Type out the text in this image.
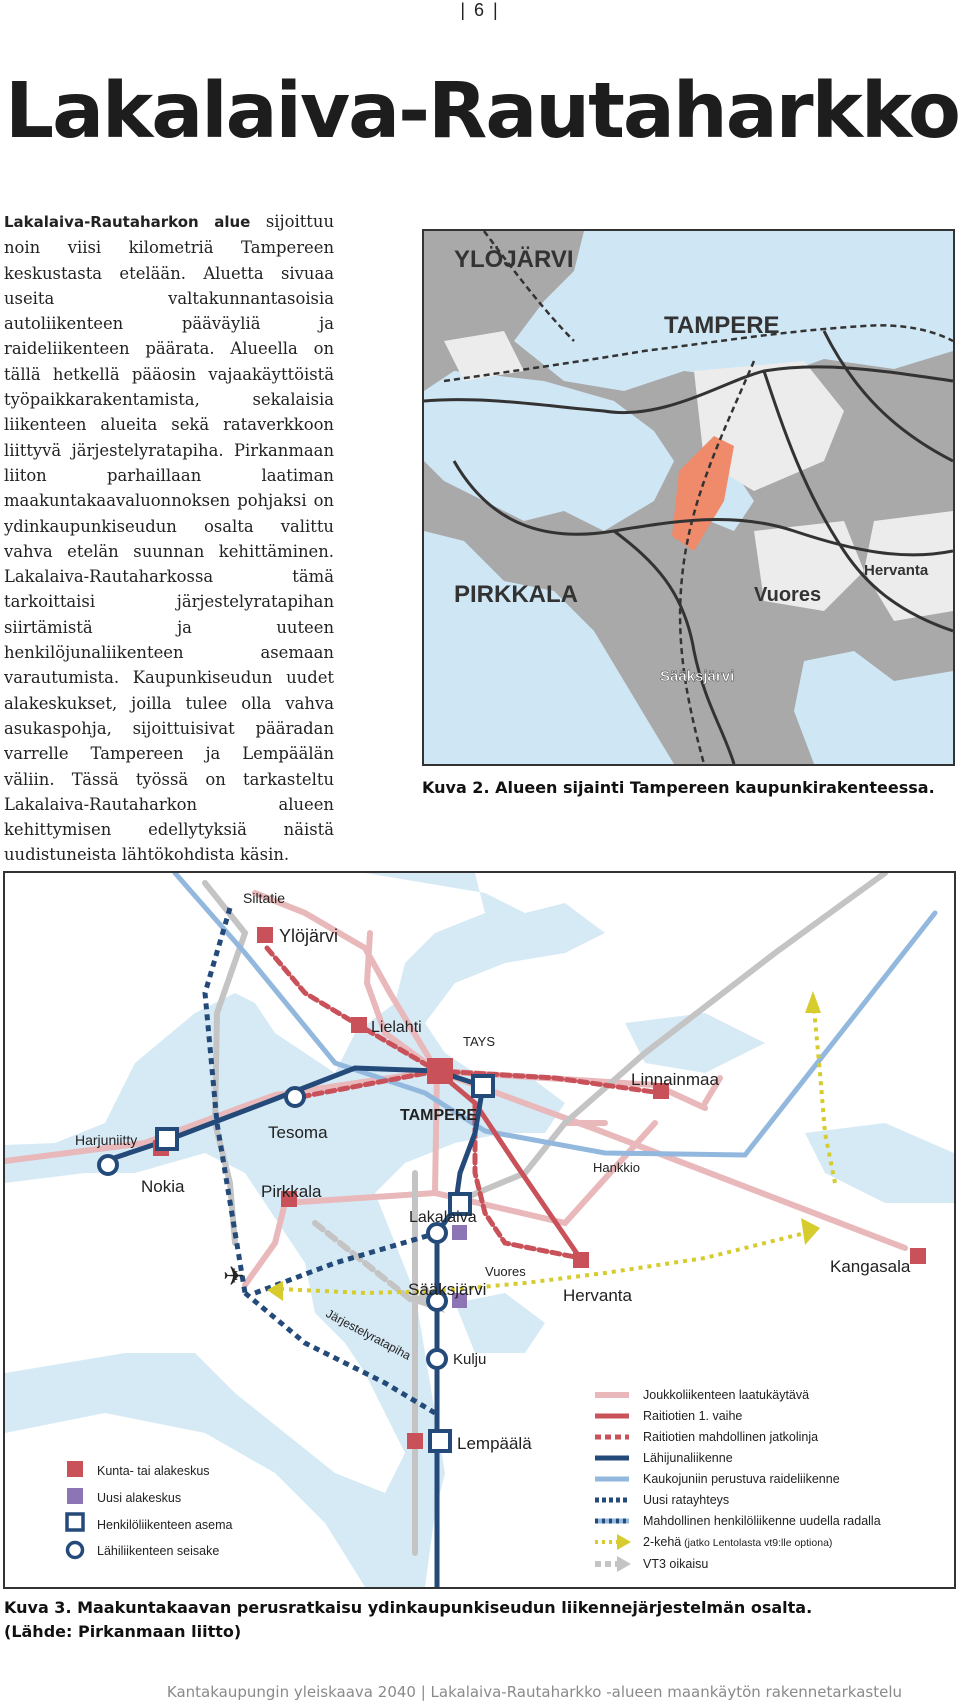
| 6 |
Lakalaiva-Rautaharkko
Lakalaiva-Rautaharkon alue sijoittuu noin viisi kilometriä Tampereen keskustasta etelään. Aluetta sivuaa useita valtakunnantasoisia autoliikenteen pääväyliä ja raideliikenteen päärata. Alueella on tällä hetkellä pääosin vajaakäyttöistä työpaikkarakentamista, sekalaisia liikenteen alueita sekä rataverkkoon liittyvä järjestelyratapiha. Pirkanmaan liiton parhaillaan laatiman maakuntakaavaluonnoksen pohjaksi on ydinkaupunkiseudun osalta valittu vahva etelän suunnan kehittäminen. Lakalaiva-Rautaharkossa tämä tarkoittaisi järjestelyratapihan siirtämistä ja uuteen henkilöjunaliikenteen asemaan varautumista. Kaupunkiseudun uudet alakeskukset, joilla tulee olla vahva asukaspohja, sijoittuisivat pääradan varrelle Tampereen ja Lempäälän väliin. Tässä työssä on tarkasteltu Lakalaiva-Rautaharkon alueen kehittymisen edellytyksiä näistä uudistuneista lähtökohdista käsin.
YLÖJÄRVI
TAMPERE
PIRKKALA	Vuores
Hervanta
Sääksjärvi
Kuva 2. Alueen sijainti Tampereen kaupunkirakenteessa.
✈
Siltatie
Ylöjärvi
Lielahti
TAYS
Linnainmaa
TAMPERE
Tesoma
Harjuniitty
Nokia
Hankkio
Pirkkala
Lakalaiva
Vuores	Kangasala
Sääksjärvi	Hervanta
Järjestelyratapiha	Kulju
Lempäälä
Kunta- tai alakeskus
Uusi alakeskus
Henkilöliikenteen asema
Lähiliikenteen seisake
Joukkoliikenteen laatukäytävä
Raitiotien 1. vaihe
Raitiotien mahdollinen jatkolinja
Lähijunaliikenne
Kaukojuniin perustuva raideliikenne
Uusi ratayhteys
Mahdollinen henkilöliikenne uudella radalla
2-kehä (jatko Lentolasta vt9:lle optiona)
VT3 oikaisu
Kuva 3. Maakuntakaavan perusratkaisu ydinkaupunkiseudun liikennejärjestelmän osalta.
(Lähde: Pirkanmaan liitto)
Kantakaupungin yleiskaava 2040 | Lakalaiva-Rautaharkko -alueen maankäytön rakennetarkastelu
